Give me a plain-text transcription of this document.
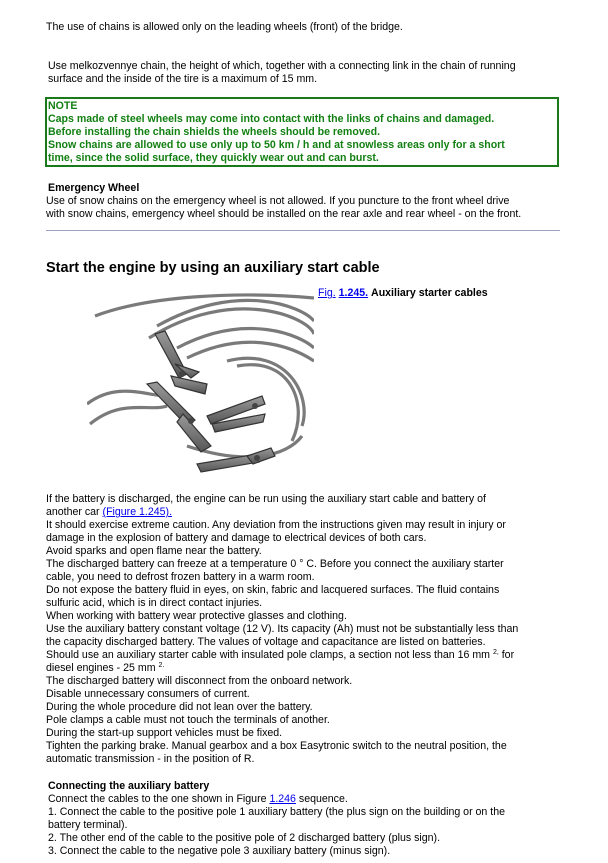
The use of chains is allowed only on the leading wheels (front) of the bridge.

Use melkozvennye chain, the height of which, together with a connecting link in the chain of running
surface and the inside of the tire is a maximum of 15 mm.
NOTE
Caps made of steel wheels may come into contact with the links of chains and damaged.
Before installing the chain shields the wheels should be removed.
Snow chains are allowed to use only up to 50 km / h and at snowless areas only for a short
time, since the solid surface, they quickly wear out and can burst.
Emergency Wheel
Use of snow chains on the emergency wheel is not allowed. If you puncture to the front wheel drive
with snow chains, emergency wheel should be installed on the rear axle and rear wheel - on the front.
Start the engine by using an auxiliary start cable
Fig. 1.245. Auxiliary starter cables
If the battery is discharged, the engine can be run using the auxiliary start cable and battery of
another car (Figure 1.245).
It should exercise extreme caution. Any deviation from the instructions given may result in injury or
damage in the explosion of battery and damage to electrical devices of both cars.
Avoid sparks and open flame near the battery.
The discharged battery can freeze at a temperature 0 ° C. Before you connect the auxiliary starter
cable, you need to defrost frozen battery in a warm room.
Do not expose the battery fluid in eyes, on skin, fabric and lacquered surfaces. The fluid contains
sulfuric acid, which is in direct contact injuries.
When working with battery wear protective glasses and clothing.
Use the auxiliary battery constant voltage (12 V). Its capacity (Ah) must not be substantially less than
the capacity discharged battery. The values of voltage and capacitance are listed on batteries.
Should use an auxiliary starter cable with insulated pole clamps, a section not less than 16 mm $^{2,}$ for
diesel engines - 25 mm $^{2.}$
The discharged battery will disconnect from the onboard network.
Disable unnecessary consumers of current.
During the whole procedure did not lean over the battery.
Pole clamps a cable must not touch the terminals of another.
During the start-up support vehicles must be fixed.
Tighten the parking brake. Manual gearbox and a box Easytronic switch to the neutral position, the
automatic transmission - in the position of R.
Connecting the auxiliary battery
Connect the cables to the one shown in Figure 1.246 sequence.
1. Connect the cable to the positive pole 1 auxiliary battery (the plus sign on the building or on the
battery terminal).
2. The other end of the cable to the positive pole of 2 discharged battery (plus sign).
3. Connect the cable to the negative pole 3 auxiliary battery (minus sign).
